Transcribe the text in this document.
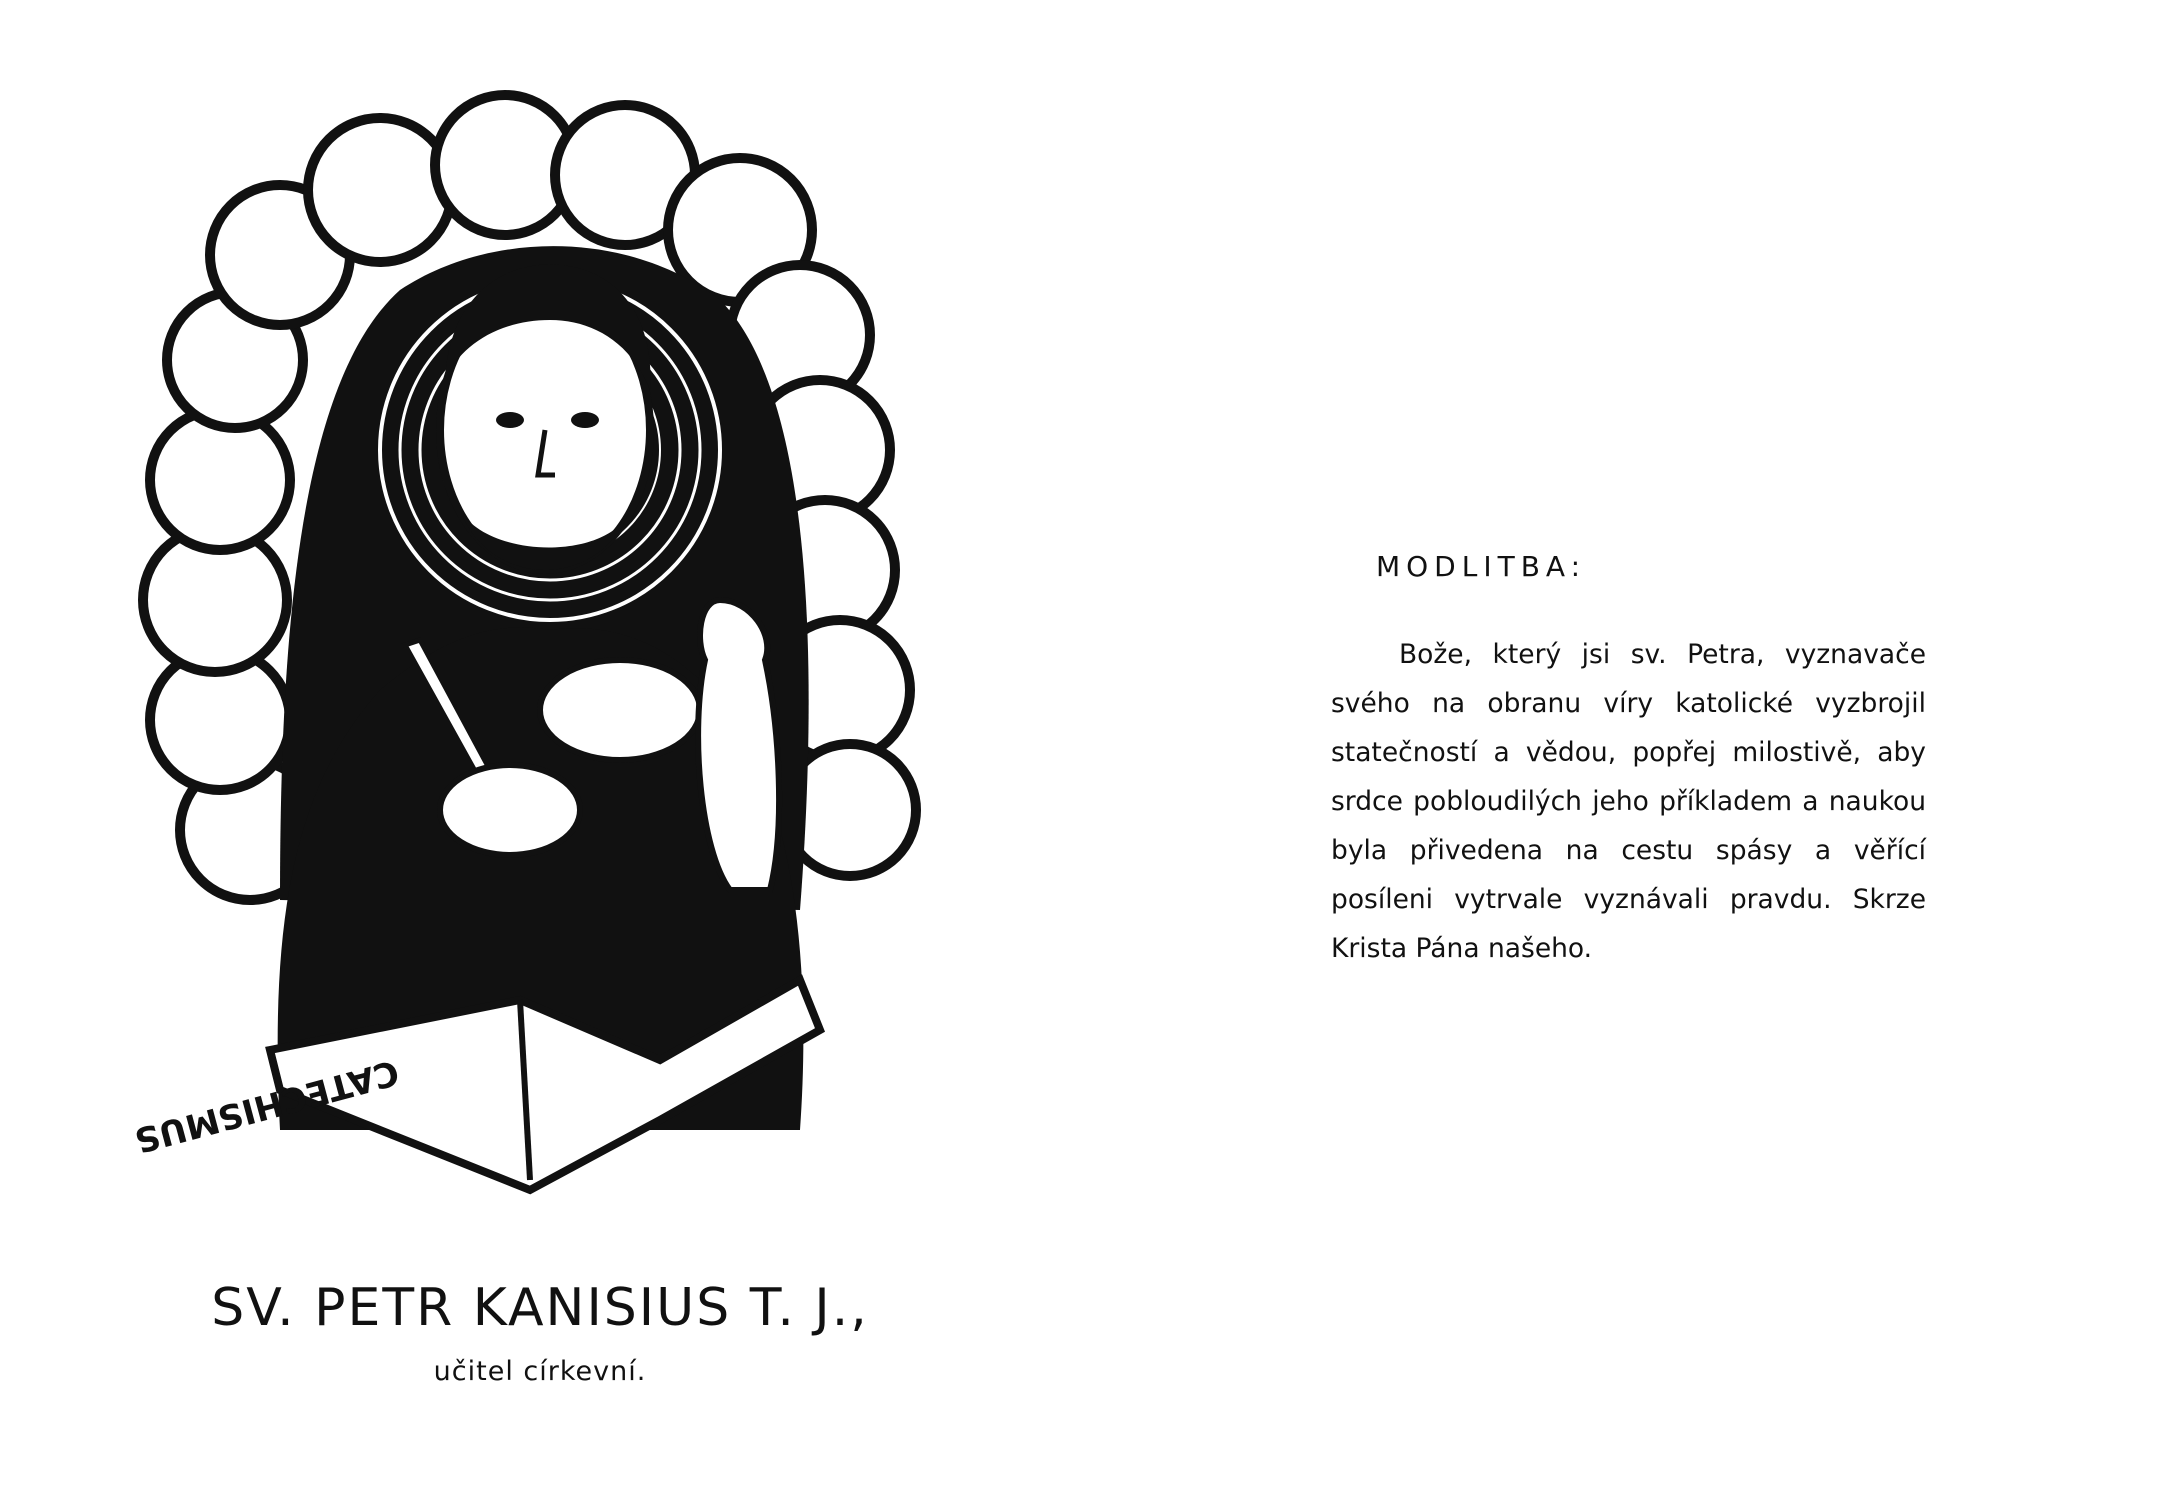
CATECHISMUS
SV. PETR KANISIUS T. J.,
učitel církevní.
MODLITBA:

Bože, který jsi sv. Petra, vyznavače svého na obranu víry katolické vyzbrojil statečností a vědou, popřej milostivě, aby srdce pobloudilých jeho příkladem a naukou byla přivedena na cestu spásy a věřící posíleni vytrvale vyznávali pravdu. Skrze Krista Pána našeho.
